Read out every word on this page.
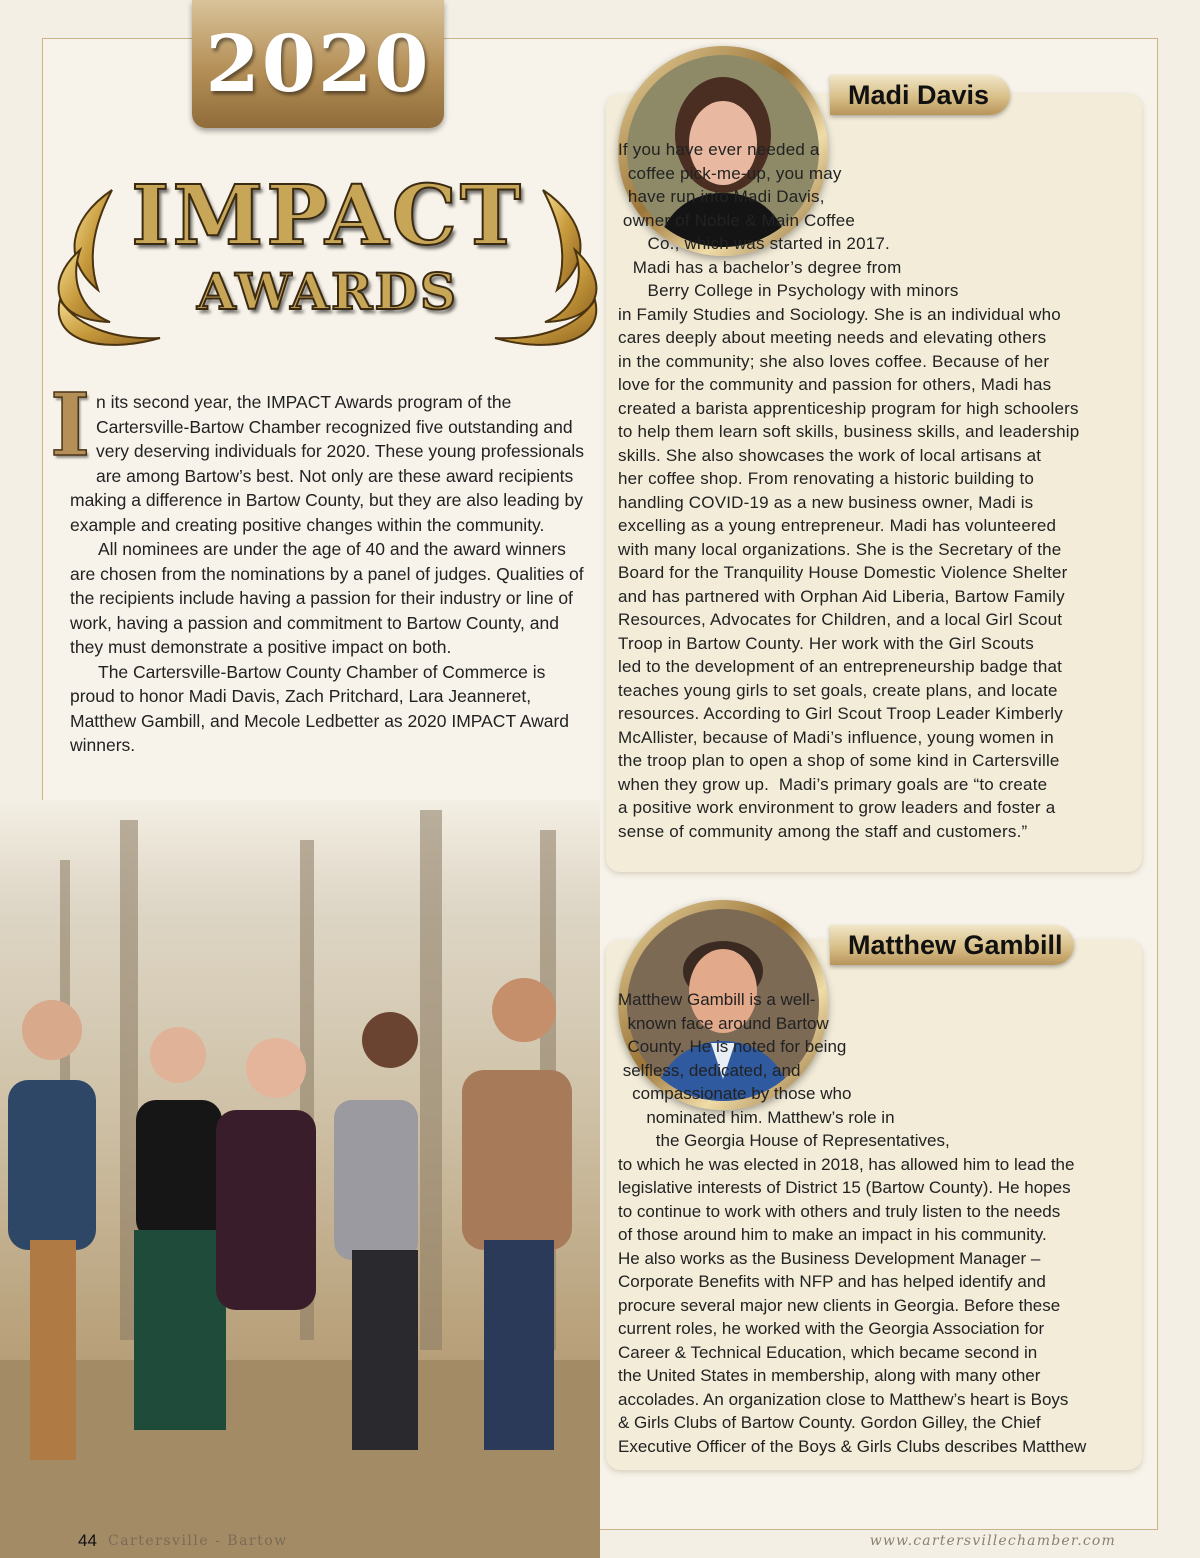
2020
IMPACT
AWARDS

I n its second year, the IMPACT Awards program of the Cartersville-Bartow Chamber recognized five outstanding and very deserving individuals for 2020. These young professionals are among Bartow’s best. Not only are these award recipients making a difference in Bartow County, but they are also leading by example and creating positive changes within the community.

All nominees are under the age of 40 and the award winners are chosen from the nominations by a panel of judges. Qualities of the recipients include having a passion for their industry or line of work, having a passion and commitment to Bartow County, and they must demonstrate a positive impact on both.

The Cartersville-Bartow County Chamber of Commerce is proud to honor Madi Davis, Zach Pritchard, Lara Jeanneret, Matthew Gambill, and Mecole Ledbetter as 2020 IMPACT Award winners.

Madi Davis
If you have ever needed a
coffee pick-me-up, you may
have run into Madi Davis,
owner of Noble & Main Coffee
Co., which was started in 2017.
Madi has a bachelor’s degree from
Berry College in Psychology with minors
in Family Studies and Sociology. She is an individual who
cares deeply about meeting needs and elevating others
in the community; she also loves coffee. Because of her
love for the community and passion for others, Madi has
created a barista apprenticeship program for high schoolers
to help them learn soft skills, business skills, and leadership
skills. She also showcases the work of local artisans at
her coffee shop. From renovating a historic building to
handling COVID-19 as a new business owner, Madi is
excelling as a young entrepreneur. Madi has volunteered
with many local organizations. She is the Secretary of the
Board for the Tranquility House Domestic Violence Shelter
and has partnered with Orphan Aid Liberia, Bartow Family
Resources, Advocates for Children, and a local Girl Scout
Troop in Bartow County. Her work with the Girl Scouts
led to the development of an entrepreneurship badge that
teaches young girls to set goals, create plans, and locate
resources. According to Girl Scout Troop Leader Kimberly
McAllister, because of Madi’s influence, young women in
the troop plan to open a shop of some kind in Cartersville
when they grow up.  Madi’s primary goals are “to create
a positive work environment to grow leaders and foster a
sense of community among the staff and customers.”
Matthew Gambill
Matthew Gambill is a well-
known face around Bartow
County. He is noted for being
selfless, dedicated, and
compassionate by those who
nominated him. Matthew’s role in
the Georgia House of Representatives,
to which he was elected in 2018, has allowed him to lead the
legislative interests of District 15 (Bartow County). He hopes
to continue to work with others and truly listen to the needs
of those around him to make an impact in his community.
He also works as the Business Development Manager –
Corporate Benefits with NFP and has helped identify and
procure several major new clients in Georgia. Before these
current roles, he worked with the Georgia Association for
Career & Technical Education, which became second in
the United States in membership, along with many other
accolades. An organization close to Matthew’s heart is Boys
& Girls Clubs of Bartow County. Gordon Gilley, the Chief
Executive Officer of the Boys & Girls Clubs describes Matthew
44 Cartersville - Bartow	www.cartersvillechamber.com
